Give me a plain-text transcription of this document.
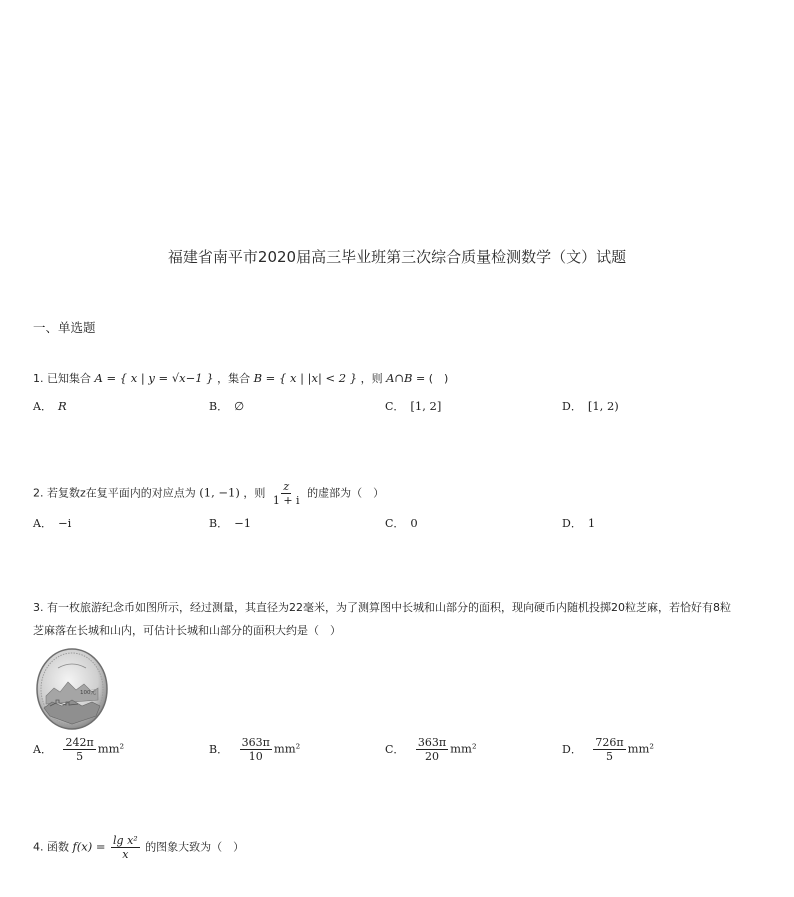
福建省南平市2020届高三毕业班第三次综合质量检测数学（文）试题
一、单选题
1. 已知集合 A = { x | y = √x−1 } ，集合 B = { x | |x| < 2 } ，则 A∩B = (　)
A． R	B． ∅	C． [1, 2]	D． [1, 2)
2. 若复数z在复平面内的对应点为 (1, −1) ，则 $\frac{z}{1 + i}$ 的虚部为（　）
A． −i	B． −1	C． 0	D． 1
3. 有一枚旅游纪念币如图所示，经过测量，其直径为22毫米，为了测算图中长城和山部分的面积，现向硬币内随机投掷20粒芝麻，若恰好有8粒
芝麻落在长城和山内，可估计长城和山部分的面积大约是（　）
100元
A． $\frac{242\pi}{5} mm^2$	B． $\frac{363\pi}{10} mm^2$	C． $\frac{363\pi}{20} mm^2$	D． $\frac{726\pi}{5} mm^2$
4. 函数 $f(x) = \frac{\text{lg x²}}{x}$ 的图象大致为（　）
